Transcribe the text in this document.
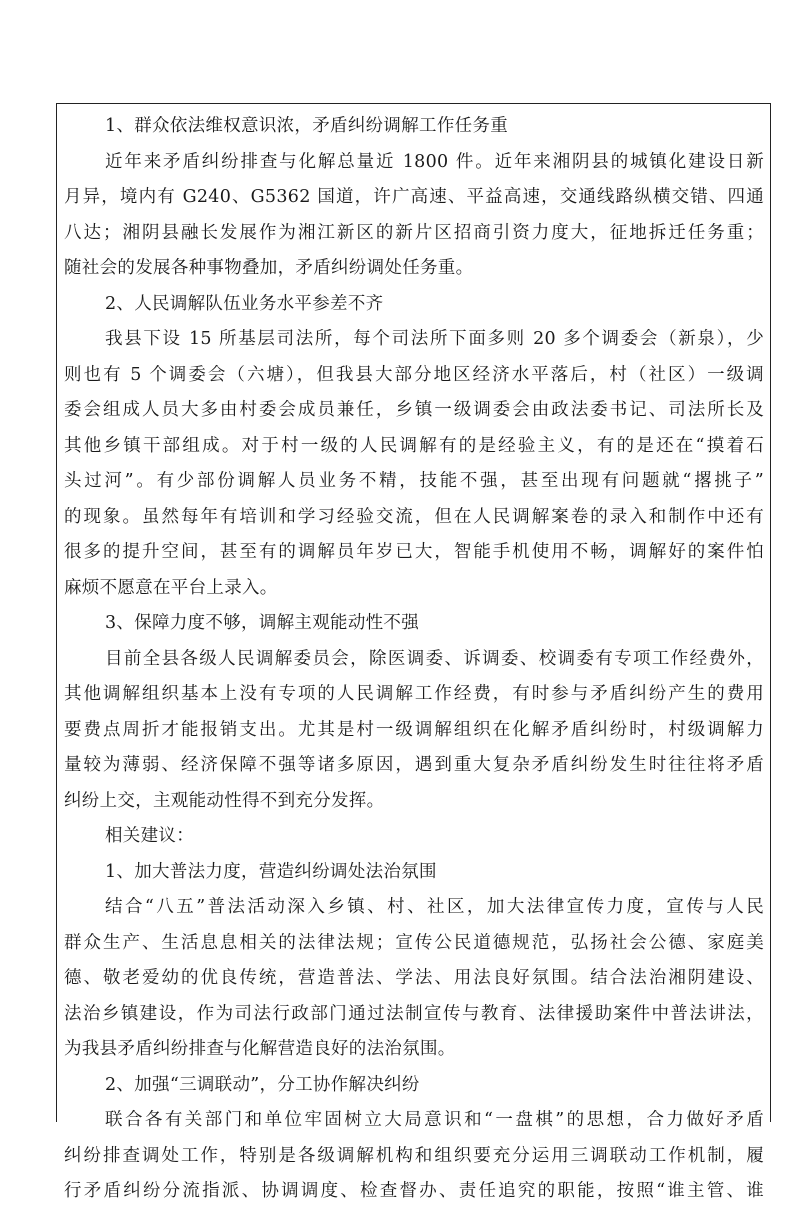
1、群众依法维权意识浓，矛盾纠纷调解工作任务重
近年来矛盾纠纷排查与化解总量近 1800 件。近年来湘阴县的城镇化建设日新
月异，境内有 G240、G5362 国道，许广高速、平益高速，交通线路纵横交错、四通
八达；湘阴县融长发展作为湘江新区的新片区招商引资力度大，征地拆迁任务重；
随社会的发展各种事物叠加，矛盾纠纷调处任务重。
2、人民调解队伍业务水平参差不齐
我县下设 15 所基层司法所，每个司法所下面多则 20 多个调委会（新泉），少
则也有 5 个调委会（六塘），但我县大部分地区经济水平落后，村（社区）一级调
委会组成人员大多由村委会成员兼任，乡镇一级调委会由政法委书记、司法所长及
其他乡镇干部组成。对于村一级的人民调解有的是经验主义，有的是还在“摸着石
头过河”。有少部份调解人员业务不精，技能不强，甚至出现有问题就“撂挑子”
的现象。虽然每年有培训和学习经验交流，但在人民调解案卷的录入和制作中还有
很多的提升空间，甚至有的调解员年岁已大，智能手机使用不畅，调解好的案件怕
麻烦不愿意在平台上录入。
3、保障力度不够，调解主观能动性不强
目前全县各级人民调解委员会，除医调委、诉调委、校调委有专项工作经费外，
其他调解组织基本上没有专项的人民调解工作经费，有时参与矛盾纠纷产生的费用
要费点周折才能报销支出。尤其是村一级调解组织在化解矛盾纠纷时，村级调解力
量较为薄弱、经济保障不强等诸多原因，遇到重大复杂矛盾纠纷发生时往往将矛盾
纠纷上交，主观能动性得不到充分发挥。
相关建议：
1、加大普法力度，营造纠纷调处法治氛围
结合“八五”普法活动深入乡镇、村、社区，加大法律宣传力度，宣传与人民
群众生产、生活息息相关的法律法规；宣传公民道德规范，弘扬社会公德、家庭美
德、敬老爱幼的优良传统，营造普法、学法、用法良好氛围。结合法治湘阴建设、
法治乡镇建设，作为司法行政部门通过法制宣传与教育、法律援助案件中普法讲法，
为我县矛盾纠纷排查与化解营造良好的法治氛围。
2、加强“三调联动”，分工协作解决纠纷
联合各有关部门和单位牢固树立大局意识和“一盘棋”的思想，合力做好矛盾
纠纷排查调处工作，特别是各级调解机构和组织要充分运用三调联动工作机制，履
行矛盾纠纷分流指派、协调调度、检查督办、责任追究的职能，按照“谁主管、谁
